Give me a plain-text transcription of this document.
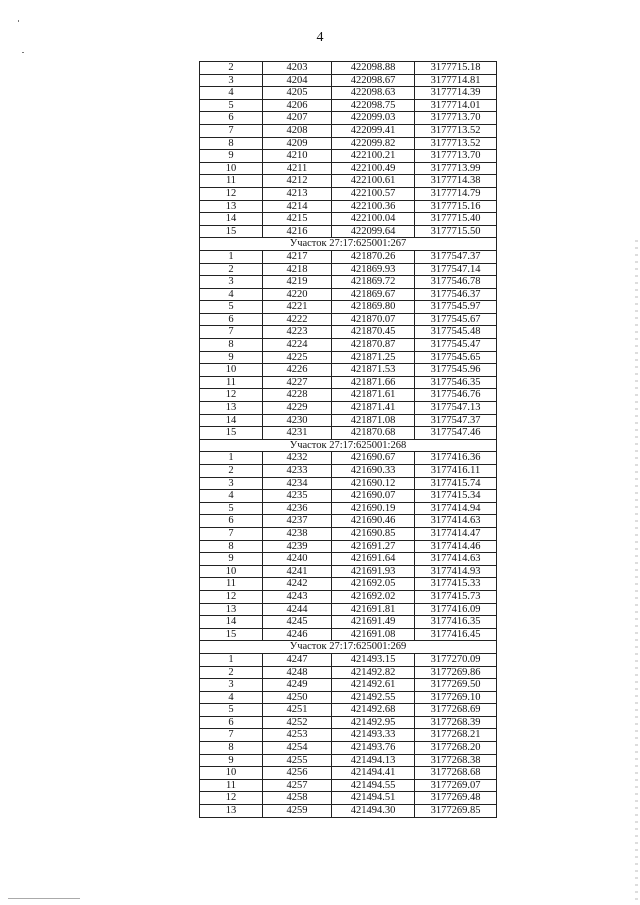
4
2	4203	422098.88	3177715.18
3	4204	422098.67	3177714.81
4	4205	422098.63	3177714.39
5	4206	422098.75	3177714.01
6	4207	422099.03	3177713.70
7	4208	422099.41	3177713.52
8	4209	422099.82	3177713.52
9	4210	422100.21	3177713.70
10	4211	422100.49	3177713.99
11	4212	422100.61	3177714.38
12	4213	422100.57	3177714.79
13	4214	422100.36	3177715.16
14	4215	422100.04	3177715.40
15	4216	422099.64	3177715.50
Участок 27:17:625001:267			
1	4217	421870.26	3177547.37
2	4218	421869.93	3177547.14
3	4219	421869.72	3177546.78
4	4220	421869.67	3177546.37
5	4221	421869.80	3177545.97
6	4222	421870.07	3177545.67
7	4223	421870.45	3177545.48
8	4224	421870.87	3177545.47
9	4225	421871.25	3177545.65
10	4226	421871.53	3177545.96
11	4227	421871.66	3177546.35
12	4228	421871.61	3177546.76
13	4229	421871.41	3177547.13
14	4230	421871.08	3177547.37
15	4231	421870.68	3177547.46
Участок 27:17:625001:268			
1	4232	421690.67	3177416.36
2	4233	421690.33	3177416.11
3	4234	421690.12	3177415.74
4	4235	421690.07	3177415.34
5	4236	421690.19	3177414.94
6	4237	421690.46	3177414.63
7	4238	421690.85	3177414.47
8	4239	421691.27	3177414.46
9	4240	421691.64	3177414.63
10	4241	421691.93	3177414.93
11	4242	421692.05	3177415.33
12	4243	421692.02	3177415.73
13	4244	421691.81	3177416.09
14	4245	421691.49	3177416.35
15	4246	421691.08	3177416.45
Участок 27:17:625001:269			
1	4247	421493.15	3177270.09
2	4248	421492.82	3177269.86
3	4249	421492.61	3177269.50
4	4250	421492.55	3177269.10
5	4251	421492.68	3177268.69
6	4252	421492.95	3177268.39
7	4253	421493.33	3177268.21
8	4254	421493.76	3177268.20
9	4255	421494.13	3177268.38
10	4256	421494.41	3177268.68
11	4257	421494.55	3177269.07
12	4258	421494.51	3177269.48
13	4259	421494.30	3177269.85
